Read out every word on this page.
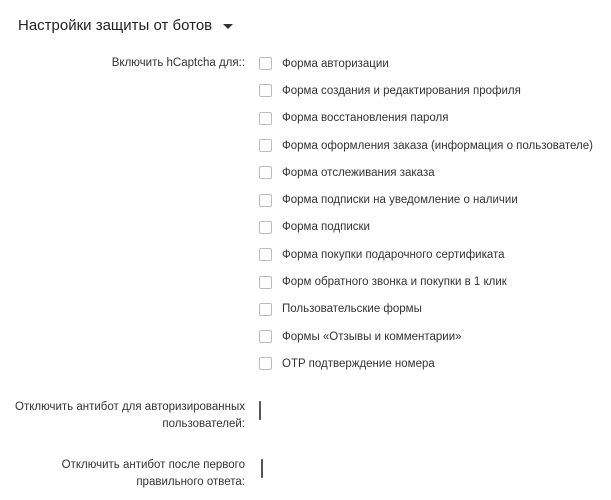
Настройки защиты от ботов
Включить hCaptcha для::	Форма авторизации
Форма создания и редактирования профиля
Форма восстановления пароля
Форма оформления заказа (информация о пользователе)
Форма отслеживания заказа
Форма подписки на уведомление о наличии
Форма подписки
Форма покупки подарочного сертификата
Форм обратного звонка и покупки в 1 клик
Пользовательские формы
Формы «Отзывы и комментарии»
OTP подтверждение номера
Отключить антибот для авторизированных пользователей:
Отключить антибот после первого правильного ответа:
